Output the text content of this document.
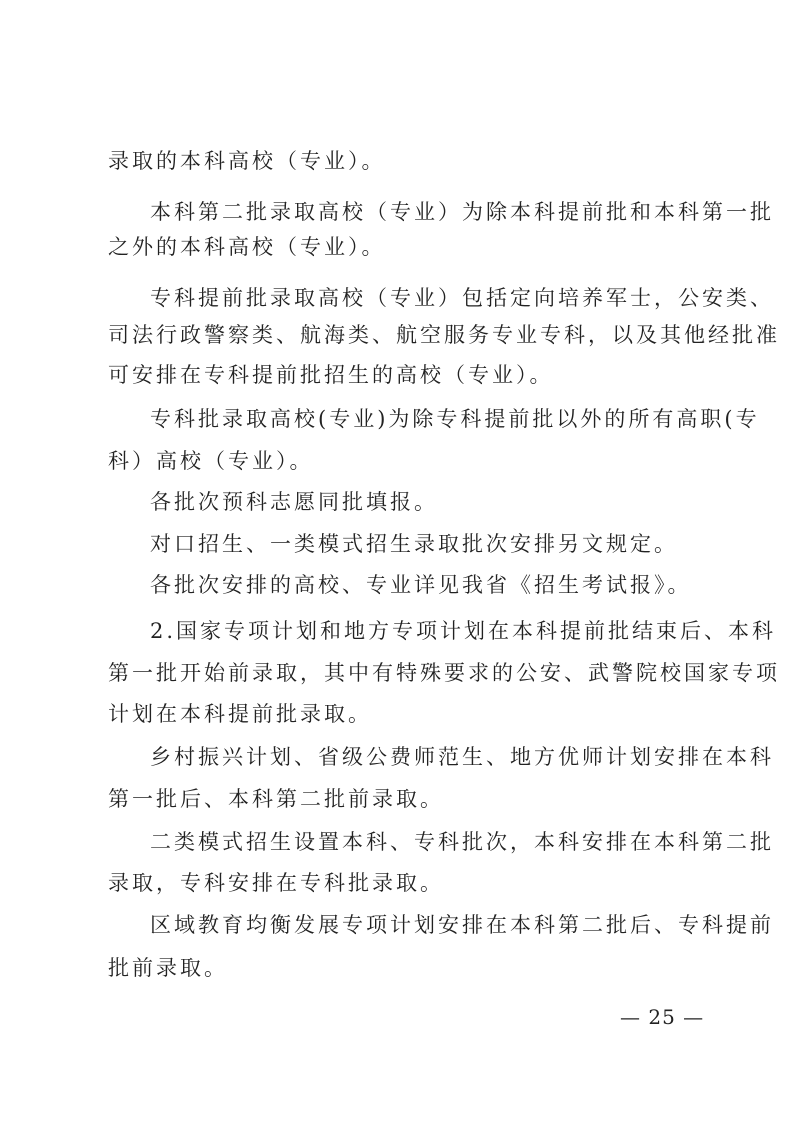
录取的本科高校（专业）。
本科第二批录取高校（专业）为除本科提前批和本科第一批
之外的本科高校（专业）。
专科提前批录取高校（专业）包括定向培养军士，公安类、
司法行政警察类、航海类、航空服务专业专科，以及其他经批准
可安排在专科提前批招生的高校（专业）。
专科批录取高校(专业)为除专科提前批以外的所有高职(专
科）高校（专业）。
各批次预科志愿同批填报。
对口招生、一类模式招生录取批次安排另文规定。
各批次安排的高校、专业详见我省《招生考试报》。
2.国家专项计划和地方专项计划在本科提前批结束后、本科
第一批开始前录取，其中有特殊要求的公安、武警院校国家专项
计划在本科提前批录取。
乡村振兴计划、省级公费师范生、地方优师计划安排在本科
第一批后、本科第二批前录取。
二类模式招生设置本科、专科批次，本科安排在本科第二批
录取，专科安排在专科批录取。
区域教育均衡发展专项计划安排在本科第二批后、专科提前
批前录取。
— 25 —
